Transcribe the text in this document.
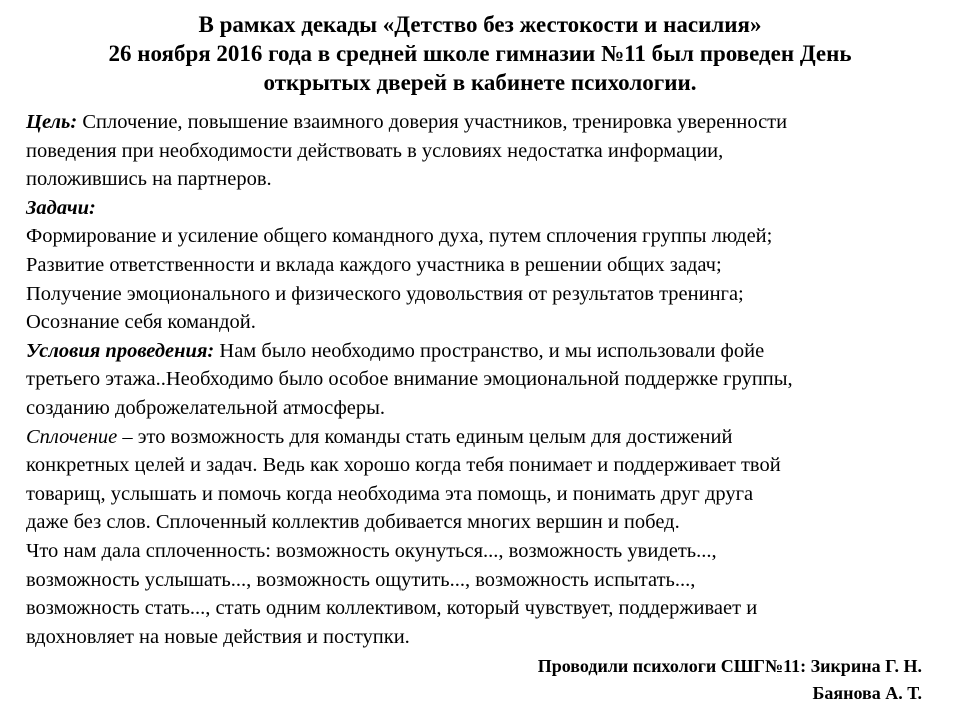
В рамках декады «Детство без жестокости и насилия»
26 ноября 2016 года в средней школе гимназии №11 был проведен День
открытых дверей в кабинете психологии.
Цель: Сплочение, повышение взаимного доверия участников, тренировка уверенности
поведения при необходимости действовать в условиях недостатка информации,
положившись на партнеров.
Задачи:
Формирование и усиление общего командного духа, путем сплочения группы людей;
Развитие ответственности и вклада каждого участника в решении общих задач;
Получение эмоционального и физического удовольствия от результатов тренинга;
Осознание себя командой.
Условия проведения: Нам было необходимо пространство, и мы использовали фойе
третьего этажа..Необходимо было особое внимание эмоциональной поддержке группы,
созданию доброжелательной атмосферы.
Сплочение – это возможность для команды стать единым целым для достижений
конкретных целей и задач. Ведь как хорошо когда тебя понимает и поддерживает твой
товарищ, услышать и помочь когда необходима эта помощь, и понимать друг друга
даже без слов. Сплоченный коллектив добивается многих вершин и побед.
Что нам дала сплоченность: возможность окунуться..., возможность увидеть...,
возможность услышать..., возможность ощутить..., возможность испытать...,
возможность стать..., стать одним коллективом, который чувствует, поддерживает и
вдохновляет на новые действия и поступки.
Проводили психологи СШГ№11: Зикрина Г. Н.
Баянова А. Т.
